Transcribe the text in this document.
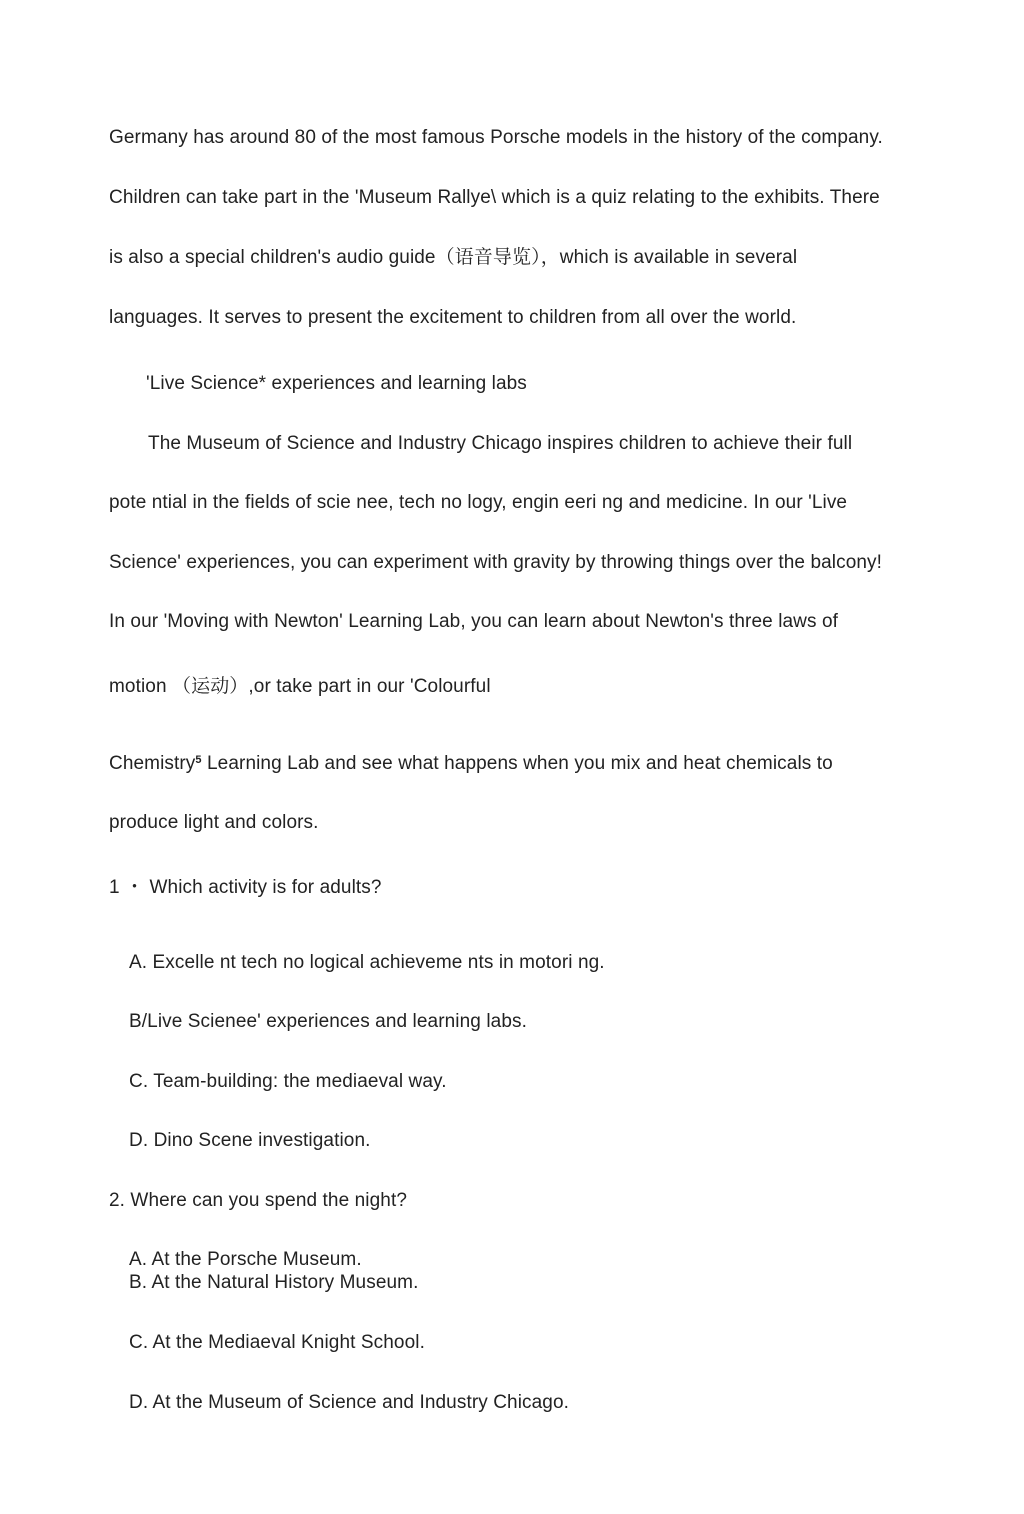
Germany has around 80 of the most famous Porsche models in the history of the company.
Children can take part in the 'Museum Rallye\ which is a quiz relating to the exhibits. There
is also a special children's audio guide（语音导览），which is available in several
languages. It serves to present the excitement to children from all over the world.
'Live Science* experiences and learning labs
The Museum of Science and Industry Chicago inspires children to achieve their full
pote ntial in the fields of scie nee, tech no logy, engin eeri ng and medicine. In our 'Live
Science' experiences, you can experiment with gravity by throwing things over the balcony!
In our 'Moving with Newton' Learning Lab, you can learn about Newton's three laws of
motion （运动）,or take part in our 'Colourful
Chemistry$^5$ Learning Lab and see what happens when you mix and heat chemicals to
produce light and colors.
1 ・ Which activity is for adults?
A. Excelle nt tech no logical achieveme nts in motori ng.
B/Live Scienee' experiences and learning labs.
C. Team-building: the mediaeval way.
D. Dino Scene investigation.
2. Where can you spend the night?
A. At the Porsche Museum.
B. At the Natural History Museum.
C. At the Mediaeval Knight School.
D. At the Museum of Science and Industry Chicago.
